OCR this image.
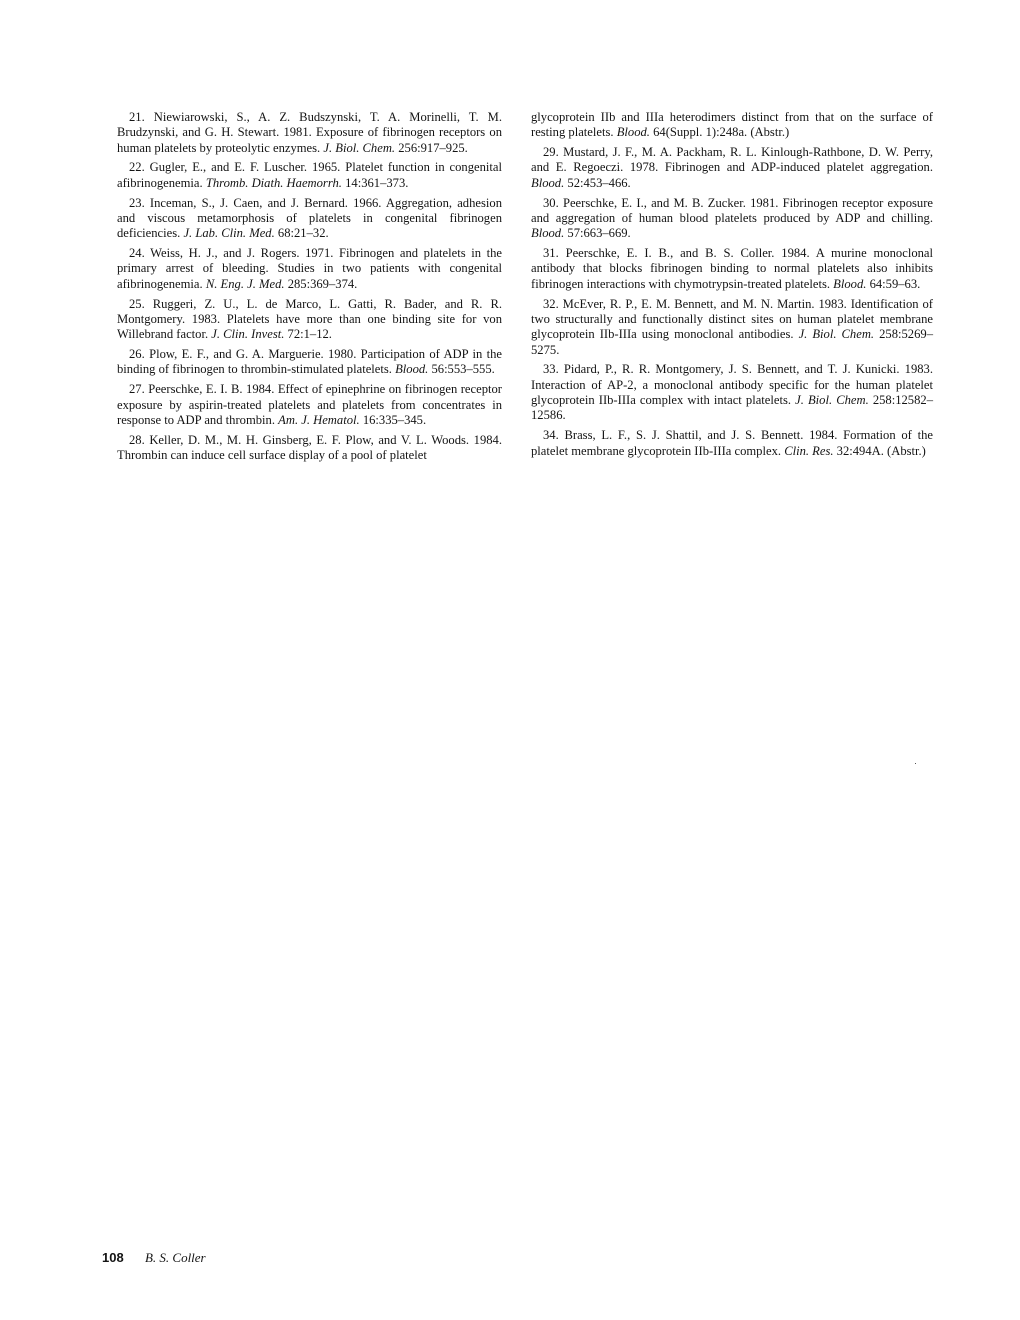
21. Niewiarowski, S., A. Z. Budszynski, T. A. Morinelli, T. M. Brudzynski, and G. H. Stewart. 1981. Exposure of fibrinogen receptors on human platelets by proteolytic enzymes. J. Biol. Chem. 256:917–925.

22. Gugler, E., and E. F. Luscher. 1965. Platelet function in congenital afibrinogenemia. Thromb. Diath. Haemorrh. 14:361–373.

23. Inceman, S., J. Caen, and J. Bernard. 1966. Aggregation, adhesion and viscous metamorphosis of platelets in congenital fibrinogen deficiencies. J. Lab. Clin. Med. 68:21–32.

24. Weiss, H. J., and J. Rogers. 1971. Fibrinogen and platelets in the primary arrest of bleeding. Studies in two patients with congenital afibrinogenemia. N. Eng. J. Med. 285:369–374.

25. Ruggeri, Z. U., L. de Marco, L. Gatti, R. Bader, and R. R. Montgomery. 1983. Platelets have more than one binding site for von Willebrand factor. J. Clin. Invest. 72:1–12.

26. Plow, E. F., and G. A. Marguerie. 1980. Participation of ADP in the binding of fibrinogen to thrombin-stimulated platelets. Blood. 56:553–555.

27. Peerschke, E. I. B. 1984. Effect of epinephrine on fibrinogen receptor exposure by aspirin-treated platelets and platelets from concentrates in response to ADP and thrombin. Am. J. Hematol. 16:335–345.

28. Keller, D. M., M. H. Ginsberg, E. F. Plow, and V. L. Woods. 1984. Thrombin can induce cell surface display of a pool of platelet

glycoprotein IIb and IIIa heterodimers distinct from that on the surface of resting platelets. Blood. 64(Suppl. 1):248a. (Abstr.)

29. Mustard, J. F., M. A. Packham, R. L. Kinlough-Rathbone, D. W. Perry, and E. Regoeczi. 1978. Fibrinogen and ADP-induced platelet aggregation. Blood. 52:453–466.

30. Peerschke, E. I., and M. B. Zucker. 1981. Fibrinogen receptor exposure and aggregation of human blood platelets produced by ADP and chilling. Blood. 57:663–669.

31. Peerschke, E. I. B., and B. S. Coller. 1984. A murine monoclonal antibody that blocks fibrinogen binding to normal platelets also inhibits fibrinogen interactions with chymotrypsin-treated platelets. Blood. 64:59–63.

32. McEver, R. P., E. M. Bennett, and M. N. Martin. 1983. Identification of two structurally and functionally distinct sites on human platelet membrane glycoprotein IIb-IIIa using monoclonal antibodies. J. Biol. Chem. 258:5269–5275.

33. Pidard, P., R. R. Montgomery, J. S. Bennett, and T. J. Kunicki. 1983. Interaction of AP-2, a monoclonal antibody specific for the human platelet glycoprotein IIb-IIIa complex with intact platelets. J. Biol. Chem. 258:12582–12586.

34. Brass, L. F., S. J. Shattil, and J. S. Bennett. 1984. Formation of the platelet membrane glycoprotein IIb-IIIa complex. Clin. Res. 32:494A. (Abstr.)

108 B. S. Coller
